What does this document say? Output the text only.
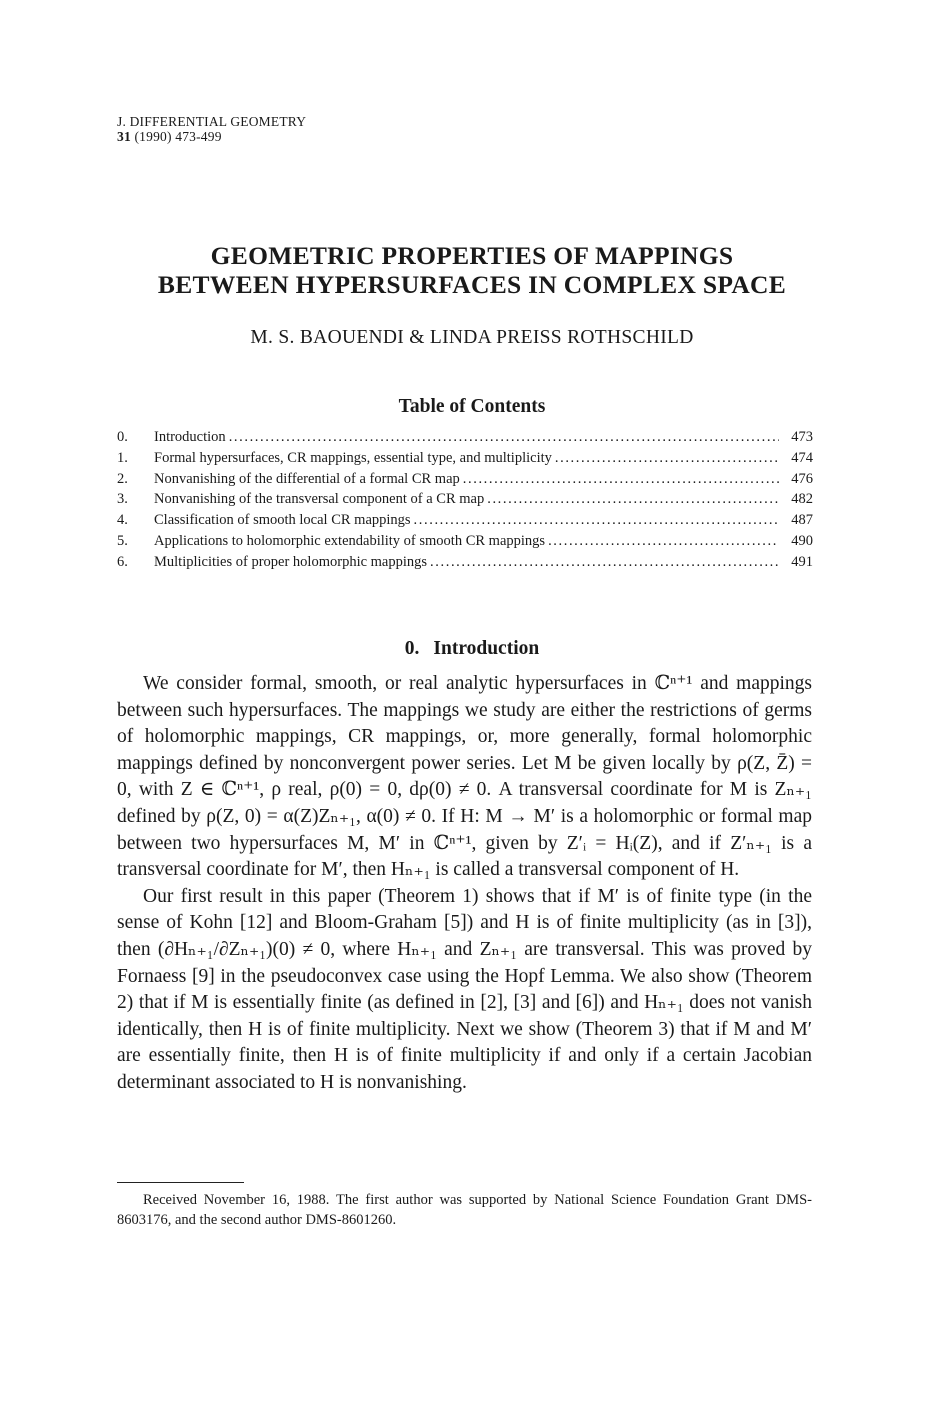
J. DIFFERENTIAL GEOMETRY
31 (1990) 473-499
GEOMETRIC PROPERTIES OF MAPPINGS
BETWEEN HYPERSURFACES IN COMPLEX SPACE
M. S. BAOUENDI & LINDA PREISS ROTHSCHILD
Table of Contents
0.	Introduction .....	473
1.	Formal hypersurfaces, CR mappings, essential type, and multiplicity .....	474
2.	Nonvanishing of the differential of a formal CR map .....	476
3.	Nonvanishing of the transversal component of a CR map .....	482
4.	Classification of smooth local CR mappings .....	487
5.	Applications to holomorphic extendability of smooth CR mappings .....	490
6.	Multiplicities of proper holomorphic mappings .....	491
0. Introduction

We consider formal, smooth, or real analytic hypersurfaces in ℂⁿ⁺¹ and mappings between such hypersurfaces. The mappings we study are either the restrictions of germs of holomorphic mappings, CR mappings, or, more generally, formal holomorphic mappings defined by nonconvergent power series. Let M be given locally by ρ(Z, Z̄) = 0, with Z ∈ ℂⁿ⁺¹, ρ real, ρ(0) = 0, dρ(0) ≠ 0. A transversal coordinate for M is Zₙ₊₁ defined by ρ(Z, 0) = α(Z)Zₙ₊₁, α(0) ≠ 0. If H: M → M′ is a holomorphic or formal map between two hypersurfaces M, M′ in ℂⁿ⁺¹, given by Z′ᵢ = Hᵢ(Z), and if Z′ₙ₊₁ is a transversal coordinate for M′, then Hₙ₊₁ is called a transversal component of H.

Our first result in this paper (Theorem 1) shows that if M′ is of finite type (in the sense of Kohn [12] and Bloom-Graham [5]) and H is of finite multiplicity (as in [3]), then (∂Hₙ₊₁/∂Zₙ₊₁)(0) ≠ 0, where Hₙ₊₁ and Zₙ₊₁ are transversal. This was proved by Fornaess [9] in the pseudoconvex case using the Hopf Lemma. We also show (Theorem 2) that if M is essentially finite (as defined in [2], [3] and [6]) and Hₙ₊₁ does not vanish identically, then H is of finite multiplicity. Next we show (Theorem 3) that if M and M′ are essentially finite, then H is of finite multiplicity if and only if a certain Jacobian determinant associated to H is nonvanishing.

Received November 16, 1988. The first author was supported by National Science Foundation Grant DMS-8603176, and the second author DMS-8601260.
